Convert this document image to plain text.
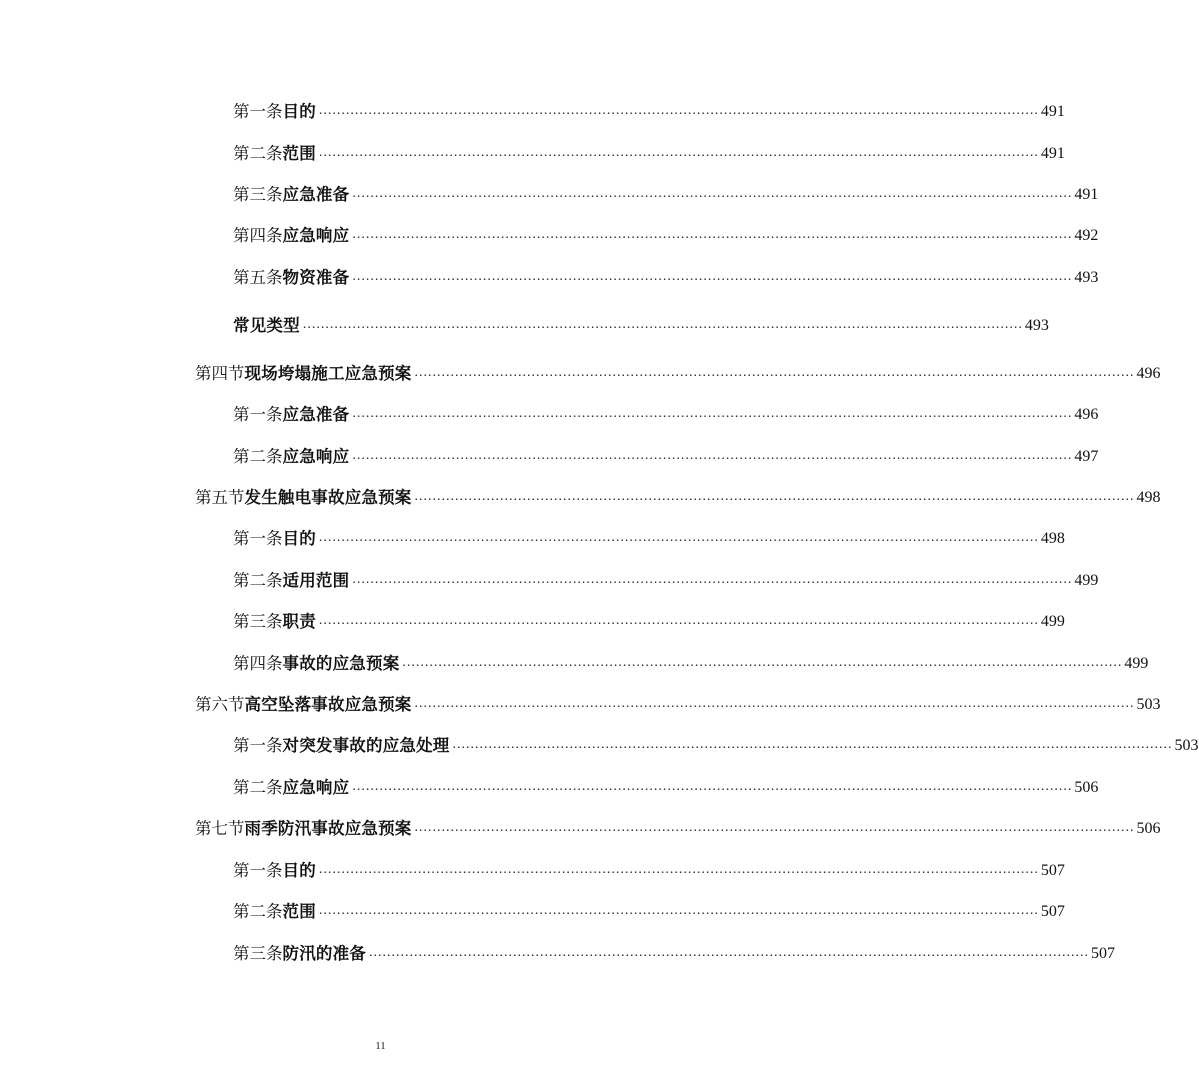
第一条 目的 ................................................................................................................................................................ 491
第二条 范围 ................................................................................................................................................................ 491
第三条 应急准备 ................................................................................................................................................................ 491
第四条 应急响应 ................................................................................................................................................................ 492
第五条 物资准备 ................................................................................................................................................................ 493
常见类型 ................................................................................................................................................................ 493
第四节 现场垮塌施工应急预案 ................................................................................................................................................................ 496
第一条 应急准备 ................................................................................................................................................................ 496
第二条 应急响应 ................................................................................................................................................................ 497
第五节 发生触电事故应急预案 ................................................................................................................................................................ 498
第一条 目的 ................................................................................................................................................................ 498
第二条 适用范围 ................................................................................................................................................................ 499
第三条 职责 ................................................................................................................................................................ 499
第四条 事故的应急预案 ................................................................................................................................................................ 499
第六节 高空坠落事故应急预案 ................................................................................................................................................................ 503
第一条 对突发事故的应急处理 ................................................................................................................................................................ 503
第二条 应急响应 ................................................................................................................................................................ 506
第七节 雨季防汛事故应急预案 ................................................................................................................................................................ 506
第一条 目的 ................................................................................................................................................................ 507
第二条 范围 ................................................................................................................................................................ 507
第三条 防汛的准备 ................................................................................................................................................................ 507
11
